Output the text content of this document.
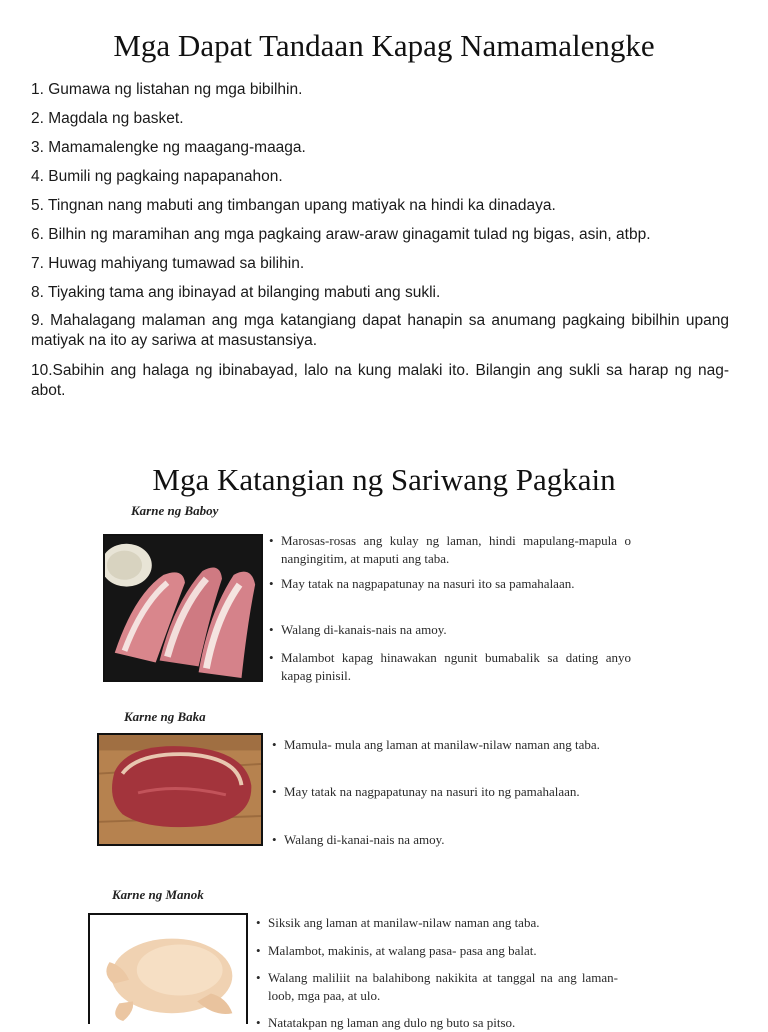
Mga Dapat Tandaan Kapag Namamalengke
1. Gumawa ng listahan ng mga bibilhin.
2. Magdala ng basket.
3. Mamamalengke ng maagang-maaga.
4. Bumili ng pagkaing napapanahon.
5. Tingnan nang mabuti ang timbangan upang matiyak na hindi ka dinadaya.
6. Bilhin ng maramihan ang mga pagkaing araw-araw ginagamit tulad ng bigas, asin, atbp.
7. Huwag mahiyang tumawad sa bilihin.
8. Tiyaking tama ang ibinayad at bilanging mabuti ang sukli.
9. Mahalagang malaman ang mga katangiang dapat hanapin sa anumang pagkaing bibilhin upang matiyak na ito ay sariwa at masustansiya.
10.Sabihin ang halaga ng ibinabayad, lalo na kung malaki ito. Bilangin ang sukli sa harap ng nag-abot.
Mga Katangian ng Sariwang Pagkain
Karne ng Baboy
• Marosas-rosas ang kulay ng laman, hindi mapulang-mapula o nangingitim, at maputi ang taba.
• May tatak na nagpapatunay na nasuri ito sa pamahalaan.
• Walang di-kanais-nais na amoy.
• Malambot kapag hinawakan ngunit bumabalik sa dating anyo kapag pinisil.
Karne ng Baka
• Mamula- mula ang laman at manilaw-nilaw naman ang taba.
• May tatak na nagpapatunay na nasuri ito ng pamahalaan.
• Walang di-kanai-nais na amoy.
Karne ng Manok
• Siksik ang laman at manilaw-nilaw naman ang taba.
• Malambot, makinis, at walang pasa- pasa ang balat.
• Walang maliliit na balahibong nakikita at tanggal na ang laman- loob, mga paa, at ulo.
• Natatakpan ng laman ang dulo ng buto sa pitso.
